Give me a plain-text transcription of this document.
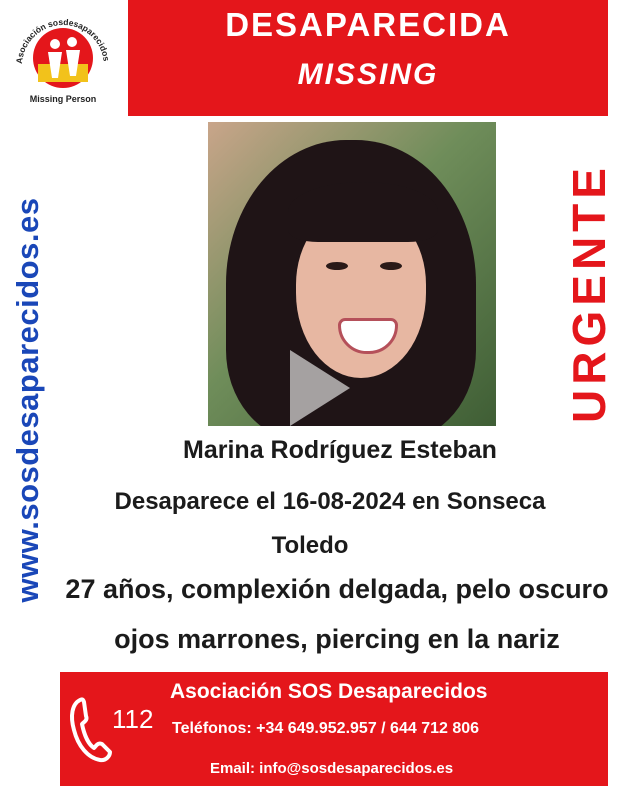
Asociación sosdesaparecidos
Missing Person
DESAPARECIDA
MISSING
www.sosdesaparecidos.es	URGENTE
Marina Rodríguez Esteban
Desaparece el 16-08-2024 en Sonseca
Toledo
27 años, complexión delgada, pelo oscuro
ojos marrones, piercing en la nariz
112
Asociación SOS Desaparecidos
Teléfonos: +34 649.952.957 / 644 712 806
Email: info@sosdesaparecidos.es
